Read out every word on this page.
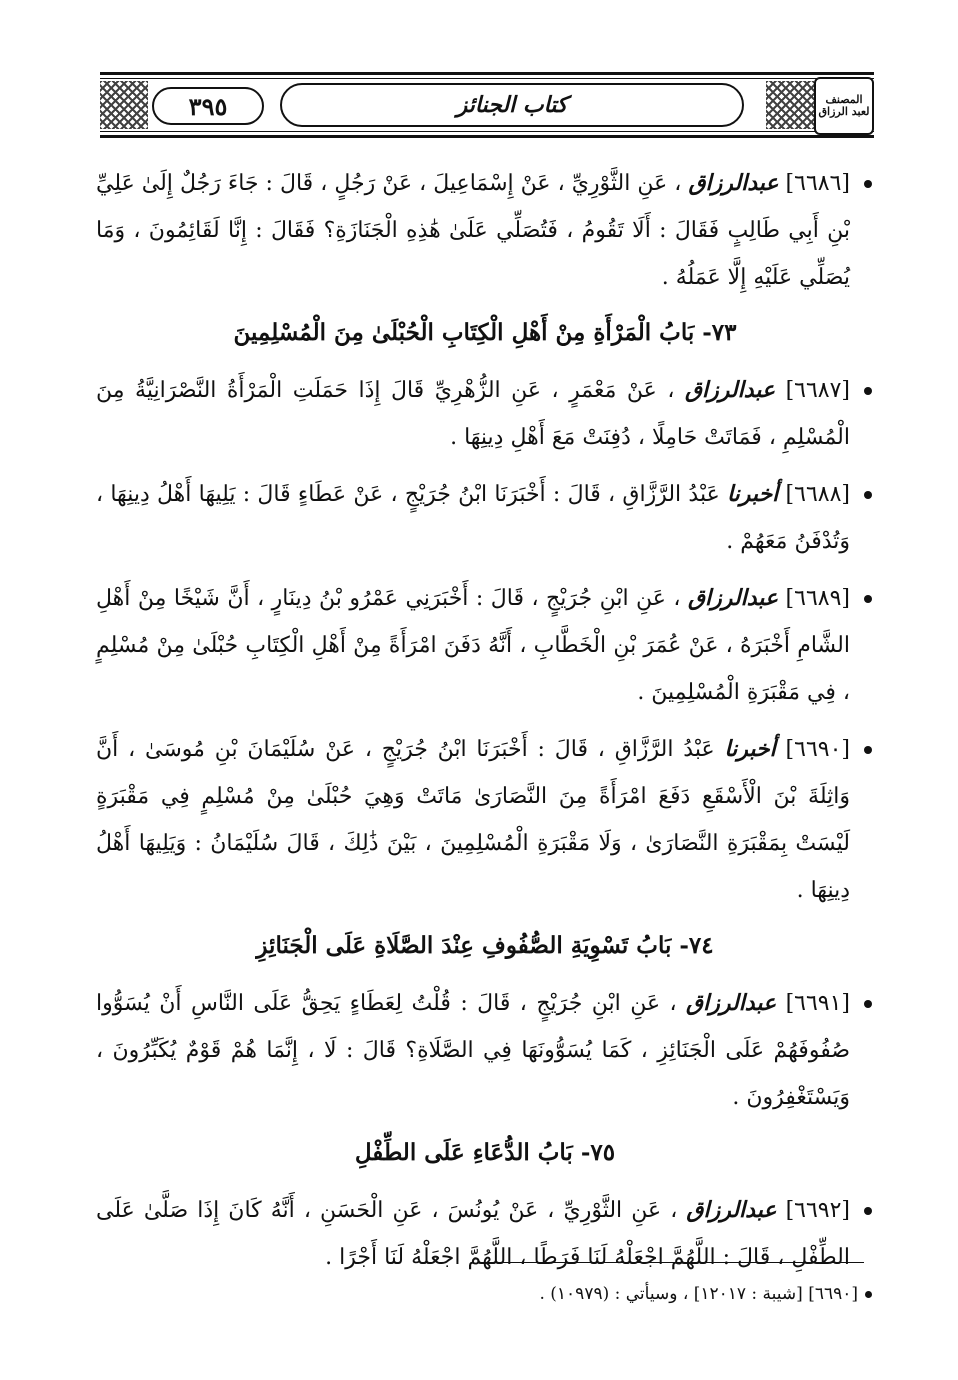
المصنف
لعبد الرزاق
كتاب الجنائز
٣٩٥
[٦٦٨٦] عبدالرزاق ، عَنِ الثَّوْرِيِّ ، عَنْ إِسْمَاعِيلَ ، عَنْ رَجُلٍ ، قَالَ : جَاءَ رَجُلٌ إِلَىٰ عَلِيِّ بْنِ أَبِي طَالِبٍ فَقَالَ : أَلَا تَقُومُ ، فَتُصَلِّي عَلَىٰ هَٰذِهِ الْجَنَازَةِ؟ فَقَالَ : إِنَّا لَقَائِمُونَ ، وَمَا يُصَلِّي عَلَيْهِ إِلَّا عَمَلُهُ .
٧٣- بَابُ الْمَرْأَةِ مِنْ أَهْلِ الْكِتَابِ الْحُبْلَىٰ مِنَ الْمُسْلِمِينَ
[٦٦٨٧] عبدالرزاق ، عَنْ مَعْمَرٍ ، عَنِ الزُّهْرِيِّ قَالَ إِذَا حَمَلَتِ الْمَرْأَةُ النَّصْرَانِيَّةُ مِنَ الْمُسْلِمِ ، فَمَاتَتْ حَامِلًا ، دُفِنَتْ مَعَ أَهْلِ دِينِهَا .
[٦٦٨٨] أخبرنا عَبْدُ الرَّزَّاقِ ، قَالَ : أَخْبَرَنَا ابْنُ جُرَيْجٍ ، عَنْ عَطَاءٍ قَالَ : يَلِيهَا أَهْلُ دِينِهَا ، وَتُدْفَنُ مَعَهُمْ .
[٦٦٨٩] عبدالرزاق ، عَنِ ابْنِ جُرَيْجٍ ، قَالَ : أَخْبَرَنِي عَمْرُو بْنُ دِينَارٍ ، أَنَّ شَيْخًا مِنْ أَهْلِ الشَّامِ أَخْبَرَهُ ، عَنْ عُمَرَ بْنِ الْخَطَّابِ ، أَنَّهُ دَفَنَ امْرَأَةً مِنْ أَهْلِ الْكِتَابِ حُبْلَىٰ مِنْ مُسْلِمٍ ، فِي مَقْبَرَةِ الْمُسْلِمِينَ .
[٦٦٩٠] أخبرنا عَبْدُ الرَّزَّاقِ ، قَالَ : أَخْبَرَنَا ابْنُ جُرَيْجٍ ، عَنْ سُلَيْمَانَ بْنِ مُوسَىٰ ، أَنَّ وَاثِلَةَ بْنَ الْأَسْقَعِ دَفَعَ امْرَأَةً مِنَ النَّصَارَىٰ مَاتَتْ وَهِيَ حُبْلَىٰ مِنْ مُسْلِمٍ فِي مَقْبَرَةٍ لَيْسَتْ بِمَقْبَرَةِ النَّصَارَىٰ ، وَلَا مَقْبَرَةِ الْمُسْلِمِينَ ، بَيْنَ ذَٰلِكَ ، قَالَ سُلَيْمَانُ : وَيَلِيهَا أَهْلُ دِينِهَا .
٧٤- بَابُ تَسْوِيَةِ الصُّفُوفِ عِنْدَ الصَّلَاةِ عَلَى الْجَنَائِزِ
[٦٦٩١] عبدالرزاق ، عَنِ ابْنِ جُرَيْجٍ ، قَالَ : قُلْتُ لِعَطَاءٍ يَحِقُّ عَلَى النَّاسِ أَنْ يُسَوُّوا صُفُوفَهُمْ عَلَى الْجَنَائِزِ ، كَمَا يُسَوُّونَهَا فِي الصَّلَاةِ؟ قَالَ : لَا ، إِنَّمَا هُمْ قَوْمٌ يُكَبِّرُونَ ، وَيَسْتَغْفِرُونَ .
٧٥- بَابُ الدُّعَاءِ عَلَى الطِّفْلِ
[٦٦٩٢] عبدالرزاق ، عَنِ الثَّوْرِيِّ ، عَنْ يُونُسَ ، عَنِ الْحَسَنِ ، أَنَّهُ كَانَ إِذَا صَلَّىٰ عَلَى الطِّفْلِ ، قَالَ : اللَّهُمَّ اجْعَلْهُ لَنَا فَرَطًا ، اللَّهُمَّ اجْعَلْهُ لَنَا أَجْرًا .
[٦٦٩٠] [شيبة : ١٢٠١٧] ، وسيأتي : (١٠٩٧٩) .
